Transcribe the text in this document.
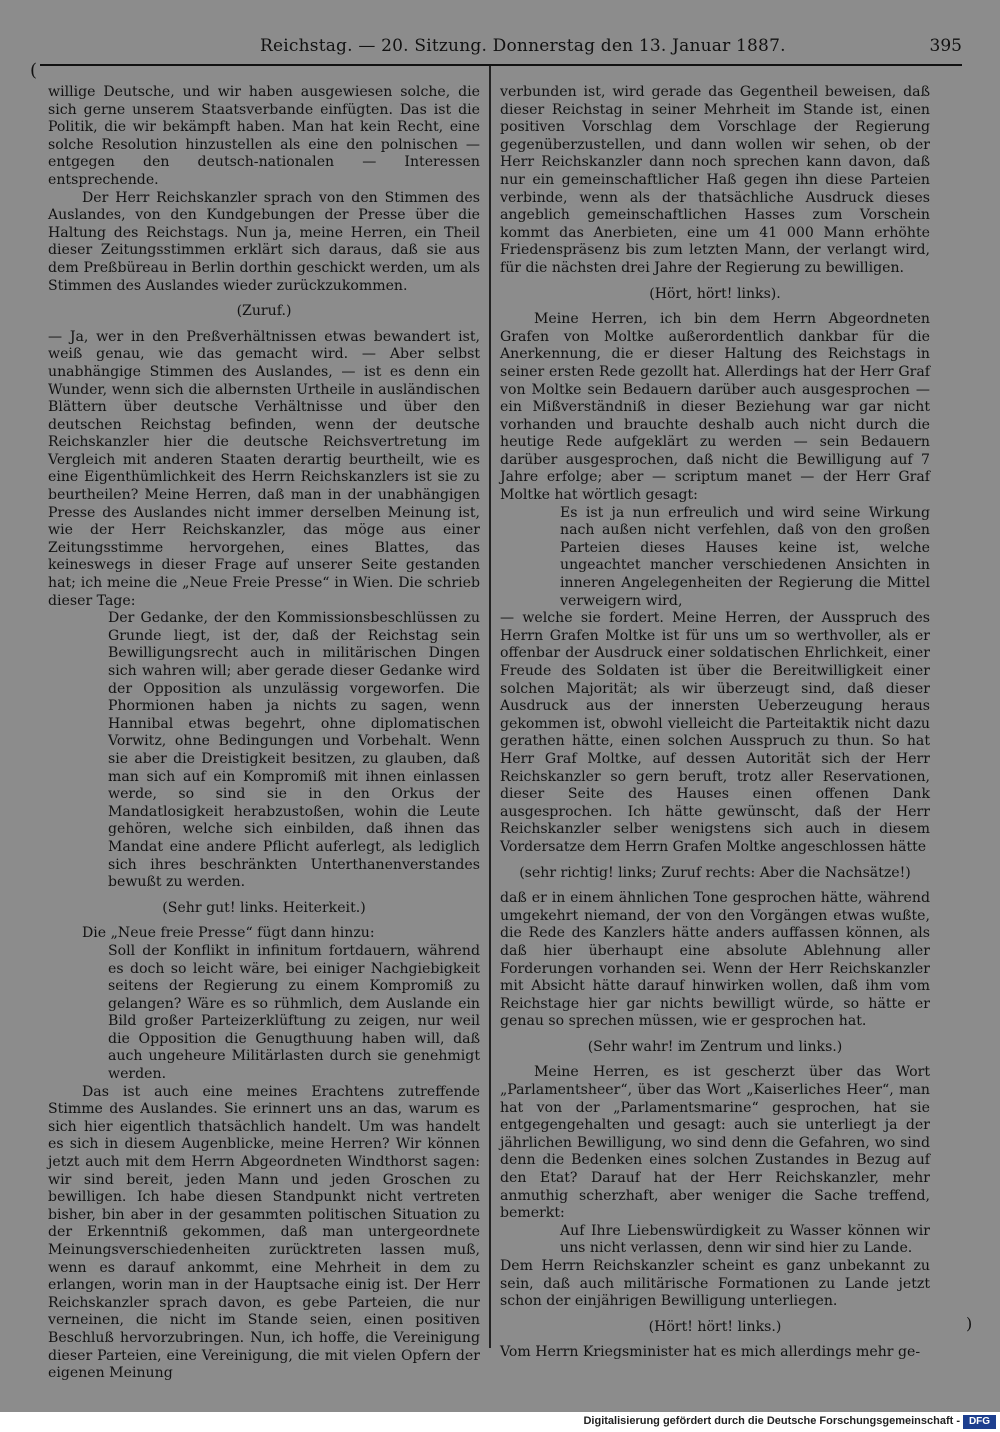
Reichstag. — 20. Sitzung. Donnerstag den 13. Januar 1887.	395
(

willige Deutsche, und wir haben ausgewiesen solche, die sich gerne unserem Staatsverbande einfügten. Das ist die Politik, die wir bekämpft haben. Man hat kein Recht, eine solche Resolution hinzustellen als eine den polnischen — entgegen den deutsch-nationalen — Interessen entsprechende.

Der Herr Reichskanzler sprach von den Stimmen des Auslandes, von den Kundgebungen der Presse über die Haltung des Reichstags. Nun ja, meine Herren, ein Theil dieser Zeitungsstimmen erklärt sich daraus, daß sie aus dem Preßbüreau in Berlin dorthin geschickt werden, um als Stimmen des Auslandes wieder zurückzukommen.

(Zuruf.)

— Ja, wer in den Preßverhältnissen etwas bewandert ist, weiß genau, wie das gemacht wird. — Aber selbst unabhängige Stimmen des Auslandes, — ist es denn ein Wunder, wenn sich die albernsten Urtheile in ausländischen Blättern über deutsche Verhältnisse und über den deutschen Reichstag befinden, wenn der deutsche Reichskanzler hier die deutsche Reichsvertretung im Vergleich mit anderen Staaten derartig beurtheilt, wie es eine Eigenthümlichkeit des Herrn Reichskanzlers ist sie zu beurtheilen? Meine Herren, daß man in der unabhängigen Presse des Auslandes nicht immer derselben Meinung ist, wie der Herr Reichskanzler, das möge aus einer Zeitungsstimme hervorgehen, eines Blattes, das keineswegs in dieser Frage auf unserer Seite gestanden hat; ich meine die „Neue Freie Presse“ in Wien. Die schrieb dieser Tage:

Der Gedanke, der den Kommissionsbeschlüssen zu Grunde liegt, ist der, daß der Reichstag sein Bewilligungsrecht auch in militärischen Dingen sich wahren will; aber gerade dieser Gedanke wird der Opposition als unzulässig vorgeworfen. Die Phormionen haben ja nichts zu sagen, wenn Hannibal etwas begehrt, ohne diplomatischen Vorwitz, ohne Bedingungen und Vorbehalt. Wenn sie aber die Dreistigkeit besitzen, zu glauben, daß man sich auf ein Kompromiß mit ihnen einlassen werde, so sind sie in den Orkus der Mandatlosigkeit herabzustoßen, wohin die Leute gehören, welche sich einbilden, daß ihnen das Mandat eine andere Pflicht auferlegt, als lediglich sich ihres beschränkten Unterthanenverstandes bewußt zu werden.

(Sehr gut! links. Heiterkeit.)

Die „Neue freie Presse“ fügt dann hinzu:

Soll der Konflikt in infinitum fortdauern, während es doch so leicht wäre, bei einiger Nachgiebigkeit seitens der Regierung zu einem Kompromiß zu gelangen? Wäre es so rühmlich, dem Auslande ein Bild großer Parteizerklüftung zu zeigen, nur weil die Opposition die Genugthuung haben will, daß auch ungeheure Militärlasten durch sie genehmigt werden.

Das ist auch eine meines Erachtens zutreffende Stimme des Auslandes. Sie erinnert uns an das, warum es sich hier eigentlich thatsächlich handelt. Um was handelt es sich in diesem Augenblicke, meine Herren? Wir können jetzt auch mit dem Herrn Abgeordneten Windthorst sagen: wir sind bereit, jeden Mann und jeden Groschen zu bewilligen. Ich habe diesen Standpunkt nicht vertreten bisher, bin aber in der gesammten politischen Situation zu der Erkenntniß gekommen, daß man untergeordnete Meinungsverschiedenheiten zurücktreten lassen muß, wenn es darauf ankommt, eine Mehrheit in dem zu erlangen, worin man in der Hauptsache einig ist. Der Herr Reichskanzler sprach davon, es gebe Parteien, die nur verneinen, die nicht im Stande seien, einen positiven Beschluß hervorzubringen. Nun, ich hoffe, die Vereinigung dieser Parteien, eine Vereinigung, die mit vielen Opfern der eigenen Meinung

verbunden ist, wird gerade das Gegentheil beweisen, daß dieser Reichstag in seiner Mehrheit im Stande ist, einen positiven Vorschlag dem Vorschlage der Regierung gegenüberzustellen, und dann wollen wir sehen, ob der Herr Reichskanzler dann noch sprechen kann davon, daß nur ein gemeinschaftlicher Haß gegen ihn diese Parteien verbinde, wenn als der thatsächliche Ausdruck dieses angeblich gemeinschaftlichen Hasses zum Vorschein kommt das Anerbieten, eine um 41 000 Mann erhöhte Friedenspräsenz bis zum letzten Mann, der verlangt wird, für die nächsten drei Jahre der Regierung zu bewilligen.

(Hört, hört! links).

Meine Herren, ich bin dem Herrn Abgeordneten Grafen von Moltke außerordentlich dankbar für die Anerkennung, die er dieser Haltung des Reichstags in seiner ersten Rede gezollt hat. Allerdings hat der Herr Graf von Moltke sein Bedauern darüber auch ausgesprochen — ein Mißverständniß in dieser Beziehung war gar nicht vorhanden und brauchte deshalb auch nicht durch die heutige Rede aufgeklärt zu werden — sein Bedauern darüber ausgesprochen, daß nicht die Bewilligung auf 7 Jahre erfolge; aber — scriptum manet — der Herr Graf Moltke hat wörtlich gesagt:

Es ist ja nun erfreulich und wird seine Wirkung nach außen nicht verfehlen, daß von den großen Parteien dieses Hauses keine ist, welche ungeachtet mancher verschiedenen Ansichten in inneren Angelegenheiten der Regierung die Mittel verweigern wird,

— welche sie fordert. Meine Herren, der Ausspruch des Herrn Grafen Moltke ist für uns um so werthvoller, als er offenbar der Ausdruck einer soldatischen Ehrlichkeit, einer Freude des Soldaten ist über die Bereitwilligkeit einer solchen Majorität; als wir überzeugt sind, daß dieser Ausdruck aus der innersten Ueberzeugung heraus gekommen ist, obwohl vielleicht die Parteitaktik nicht dazu gerathen hätte, einen solchen Ausspruch zu thun. So hat Herr Graf Moltke, auf dessen Autorität sich der Herr Reichskanzler so gern beruft, trotz aller Reservationen, dieser Seite des Hauses einen offenen Dank ausgesprochen. Ich hätte gewünscht, daß der Herr Reichskanzler selber wenigstens sich auch in diesem Vordersatze dem Herrn Grafen Moltke angeschlossen hätte

(sehr richtig! links; Zuruf rechts: Aber die Nachsätze!)

daß er in einem ähnlichen Tone gesprochen hätte, während umgekehrt niemand, der von den Vorgängen etwas wußte, die Rede des Kanzlers hätte anders auffassen können, als daß hier überhaupt eine absolute Ablehnung aller Forderungen vorhanden sei. Wenn der Herr Reichskanzler mit Absicht hätte darauf hinwirken wollen, daß ihm vom Reichstage hier gar nichts bewilligt würde, so hätte er genau so sprechen müssen, wie er gesprochen hat.

(Sehr wahr! im Zentrum und links.)

Meine Herren, es ist gescherzt über das Wort „Parlamentsheer“, über das Wort „Kaiserliches Heer“, man hat von der „Parlamentsmarine“ gesprochen, hat sie entgegengehalten und gesagt: auch sie unterliegt ja der jährlichen Bewilligung, wo sind denn die Gefahren, wo sind denn die Bedenken eines solchen Zustandes in Bezug auf den Etat? Darauf hat der Herr Reichskanzler, mehr anmuthig scherzhaft, aber weniger die Sache treffend, bemerkt:

Auf Ihre Liebenswürdigkeit zu Wasser können wir uns nicht verlassen, denn wir sind hier zu Lande.

Dem Herrn Reichskanzler scheint es ganz unbekannt zu sein, daß auch militärische Formationen zu Lande jetzt schon der einjährigen Bewilligung unterliegen.

(Hört! hört! links.)

Vom Herrn Kriegsminister hat es mich allerdings mehr ge-

)
Digitalisierung gefördert durch die Deutsche Forschungsgemeinschaft - DFG
